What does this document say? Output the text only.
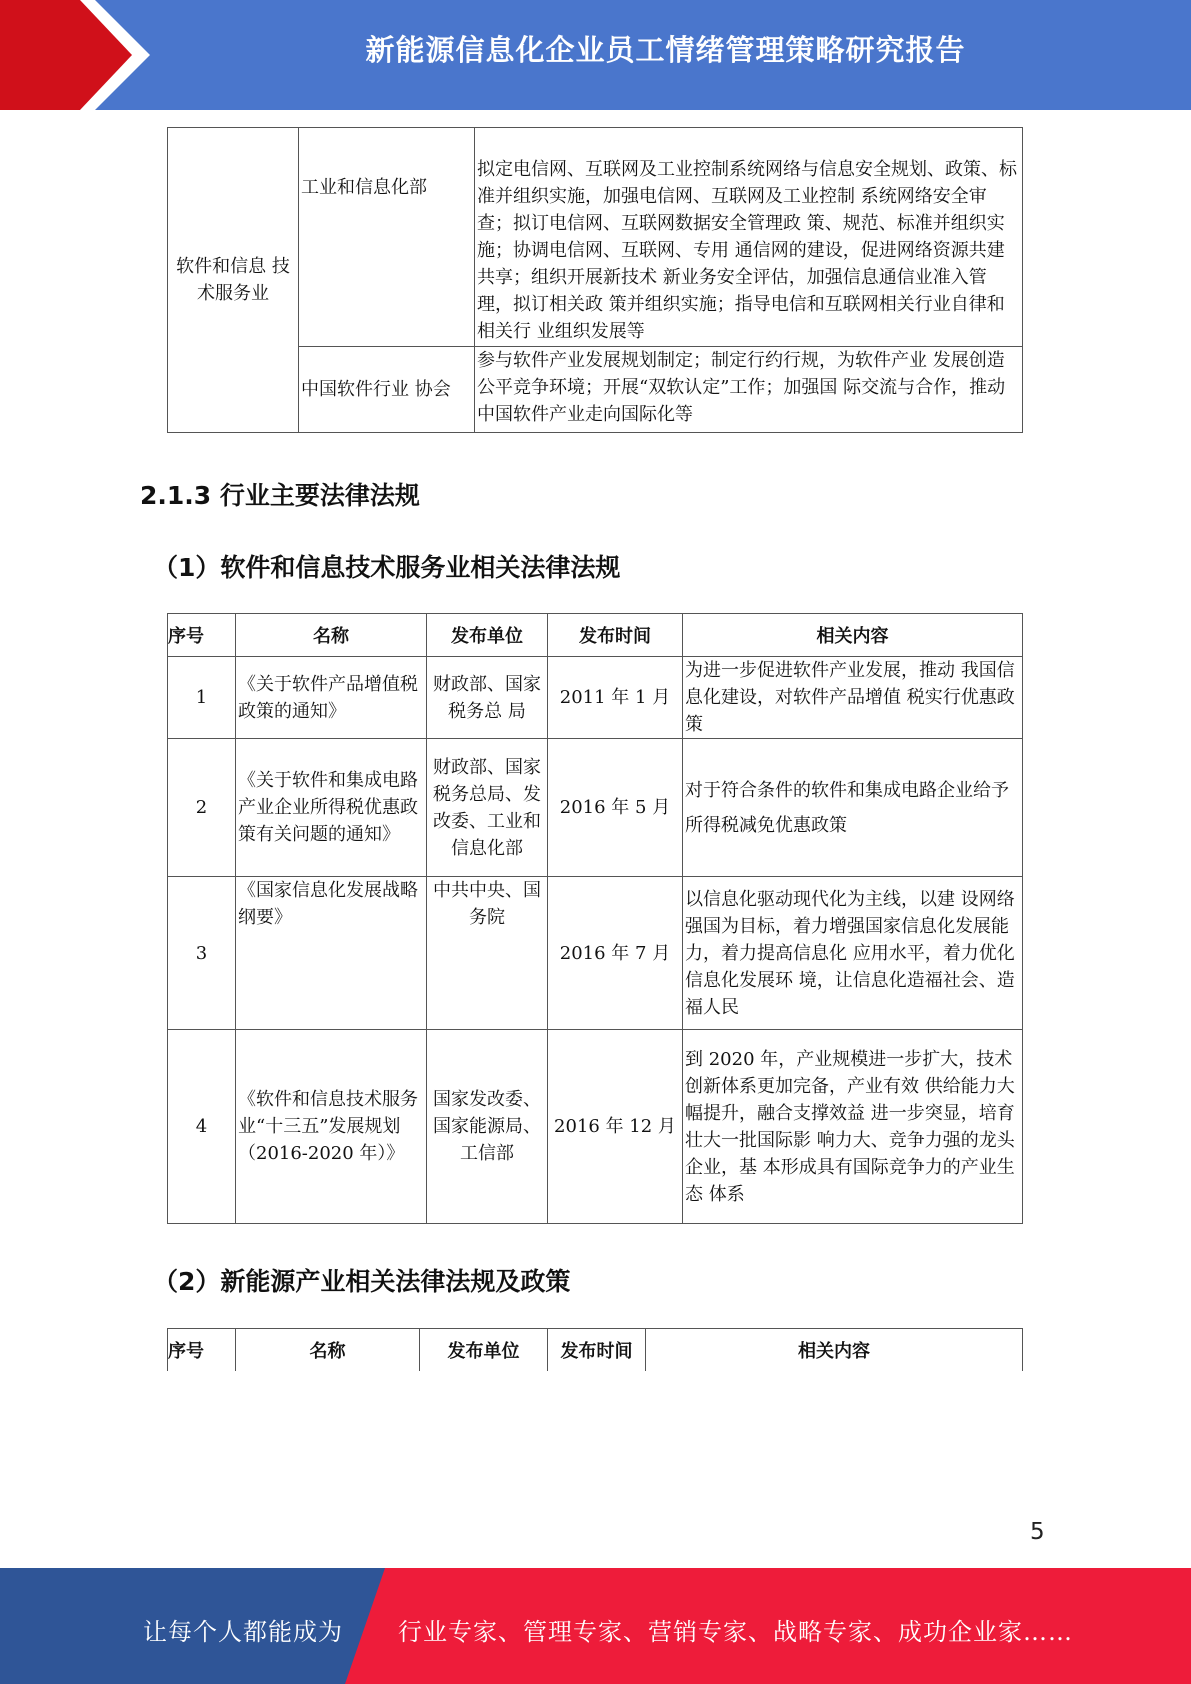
新能源信息化企业员工情绪管理策略研究报告
软件和信息 技术服务业	工业和信息化部	拟定电信网、互联网及工业控制系统网络与信息安全规划、政策、标准并组织实施，加强电信网、互联网及工业控制 系统网络安全审查；拟订电信网、互联网数据安全管理政 策、规范、标准并组织实施；协调电信网、互联网、专用 通信网的建设，促进网络资源共建共享；组织开展新技术 新业务安全评估，加强信息通信业准入管理，拟订相关政 策并组织实施；指导电信和互联网相关行业自律和相关行 业组织发展等
	中国软件行业 协会	参与软件产业发展规划制定；制定行约行规，为软件产业 发展创造公平竞争环境；开展“双软认定”工作；加强国 际交流与合作，推动中国软件产业走向国际化等
2.1.3 行业主要法律法规
（1）软件和信息技术服务业相关法律法规
序号	名称	发布单位	发布时间	相关内容
1	《关于软件产品增值税政策的通知》	财政部、国家税务总 局	2011 年 1 月	为进一步促进软件产业发展，推动 我国信息化建设，对软件产品增值 税实行优惠政策
2	《关于软件和集成电路产业企业所得税优惠政策有关问题的通知》	财政部、国家税务总局、发改委、工业和信息化部	2016 年 5 月	对于符合条件的软件和集成电路企业给予所得税减免优惠政策
3	《国家信息化发展战略纲要》	中共中央、国务院	2016 年 7 月	以信息化驱动现代化为主线，以建 设网络强国为目标，着力增强国家信息化发展能力，着力提高信息化 应用水平，着力优化信息化发展环 境，让信息化造福社会、造福人民
4	《软件和信息技术服务业“十三五”发展规划（2016-2020 年）》	国家发改委、国家能源局、工信部	2016 年 12 月	到 2020 年，产业规模进一步扩大，技术创新体系更加完备，产业有效 供给能力大幅提升，融合支撑效益 进一步突显，培育壮大一批国际影 响力大、竞争力强的龙头企业，基 本形成具有国际竞争力的产业生态 体系
（2）新能源产业相关法律法规及政策
序号	名称	发布单位	发布时间	相关内容
5
让每个人都能成为 行业专家、管理专家、营销专家、战略专家、成功企业家……
